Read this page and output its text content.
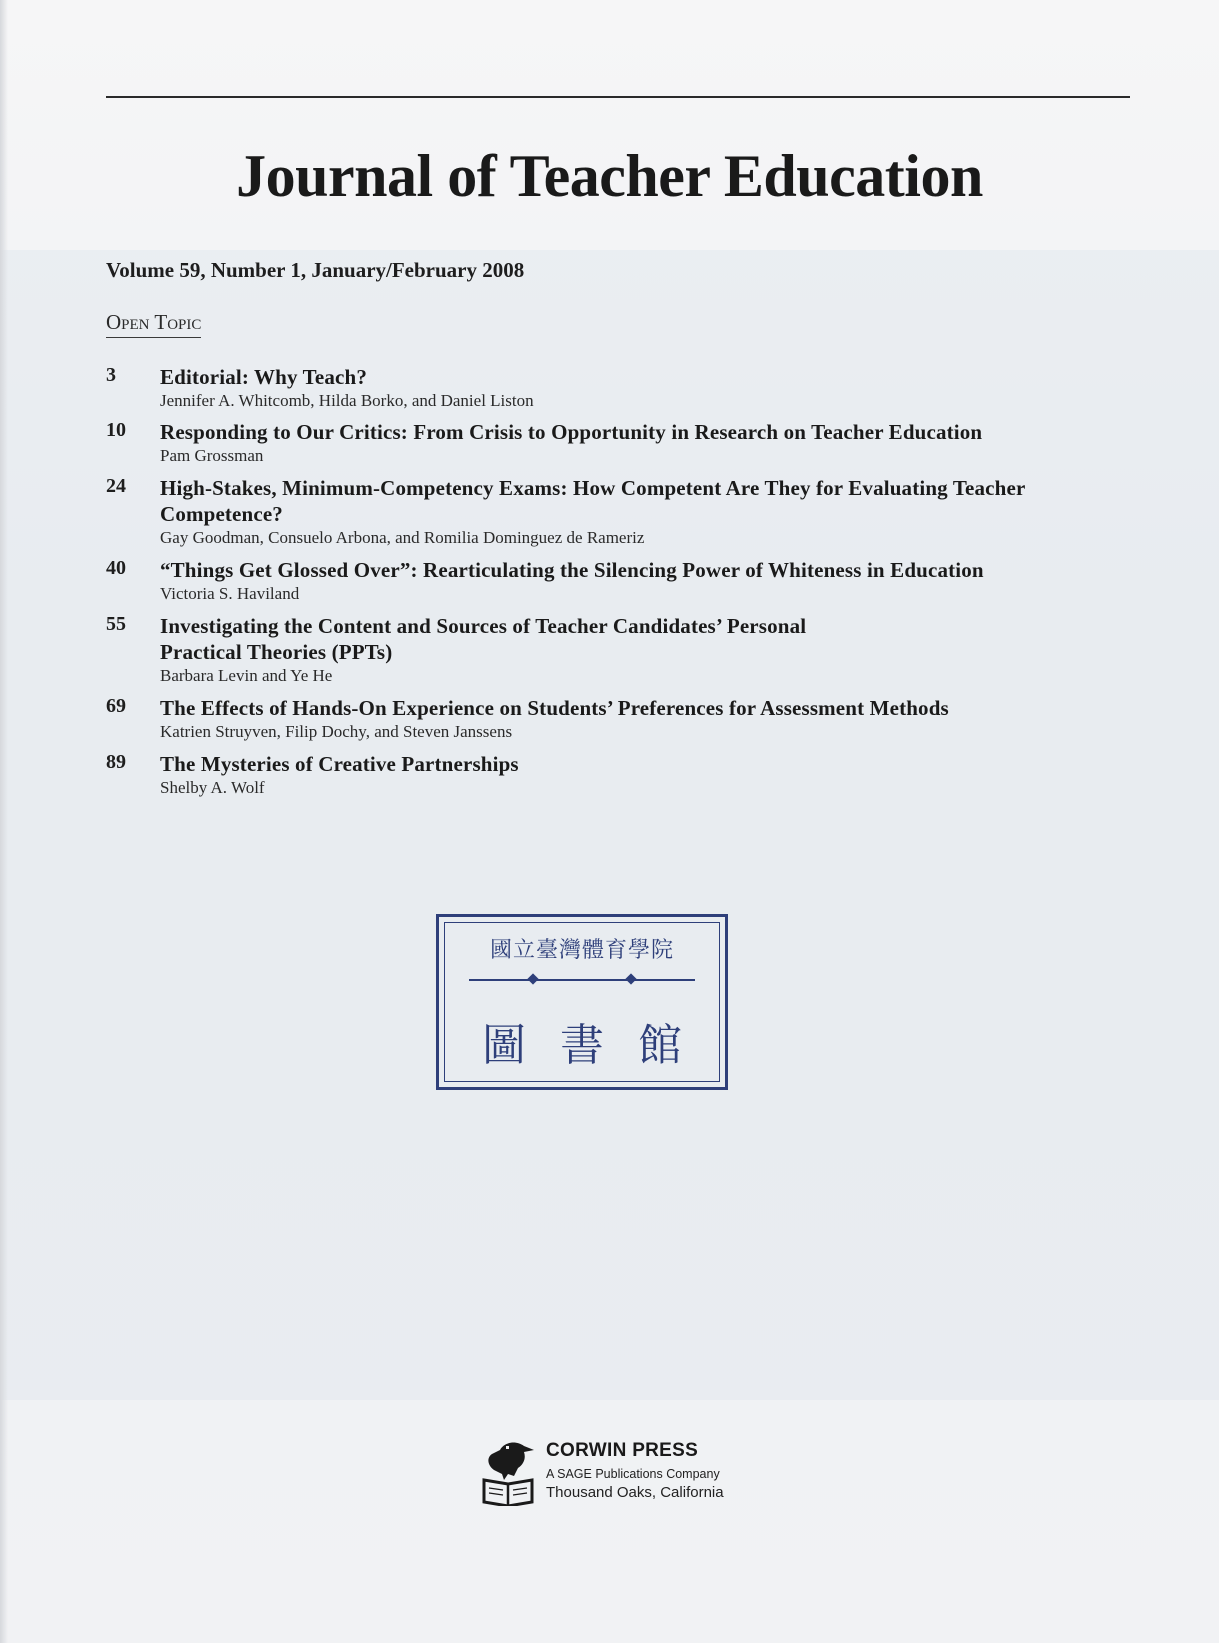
Journal of Teacher Education
Volume 59, Number 1, January/February 2008
Open Topic
3 Editorial: Why Teach?
Jennifer A. Whitcomb, Hilda Borko, and Daniel Liston
10 Responding to Our Critics: From Crisis to Opportunity in Research on Teacher Education
Pam Grossman
24 High-Stakes, Minimum-Competency Exams: How Competent Are They for Evaluating Teacher Competence?
Gay Goodman, Consuelo Arbona, and Romilia Dominguez de Rameriz
40 “Things Get Glossed Over”: Rearticulating the Silencing Power of Whiteness in Education
Victoria S. Haviland
55 Investigating the Content and Sources of Teacher Candidates’ Personal Practical Theories (PPTs)
Barbara Levin and Ye He
69 The Effects of Hands-On Experience on Students’ Preferences for Assessment Methods
Katrien Struyven, Filip Dochy, and Steven Janssens
89 The Mysteries of Creative Partnerships
Shelby A. Wolf
國立臺灣體育學院
圖書館
CORWIN PRESS
A SAGE Publications Company
Thousand Oaks, California
